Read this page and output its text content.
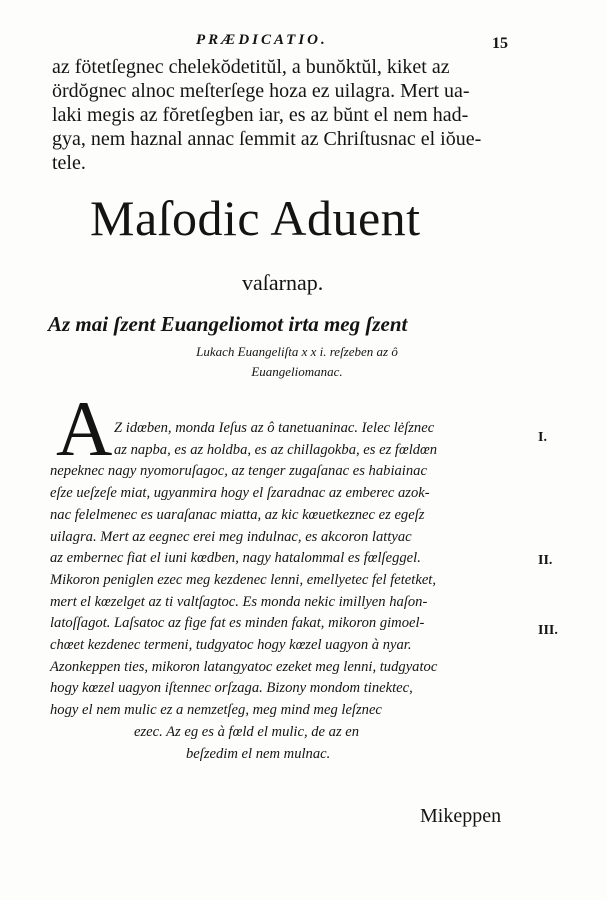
PRÆDICATIO.	15

az fötetſegnec chelekŏdetitŭl, a bunŏktŭl, kiket az

ördŏgnec alnoc meſterſege hoza ez uilagra. Mert ua-

laki megis az fŏretſegben iar, es az bŭnt el nem had-

gya, nem haznal annac ſemmit az Chriſtusnac el iŏue-

tele.

Maſodic Aduent
vaſarnap.
Az mai ſzent Euangeliomot irta meg ſzent
Lukach Euangeliſta x x i. reſzeben az ô
Euangeliomanac.
A Z idœben, monda Ieſus az ô tanetuaninac. Ielec lėſznec
az napba, es az holdba, es az chillagokba, es ez fœldœn
nepeknec nagy nyomoruſagoc, az tenger zugaſanac es habiainac
eſze ueſzeſe miat, ugyanmira hogy el ſzaradnac az emberec azok-
nac felelmenec es uaraſanac miatta, az kic kœuetkeznec ez egeſz
uilagra. Mert az eegnec erei meg indulnac, es akcoron lattyac
az embernec fiat el iuni kœdben, nagy hatalommal es fœlſeggel.
Mikoron peniglen ezec meg kezdenec lenni, emellyetec fel fetetket,
mert el kœzelget az ti valtſagtoc. Es monda nekic imillyen haſon-
latoſſagot. Laſsatoc az fige fat es minden fakat, mikoron gimoel-
chœet kezdenec termeni, tudgyatoc hogy kœzel uagyon à nyar.
Azonkeppen ties, mikoron latangyatoc ezeket meg lenni, tudgyatoc
hogy kœzel uagyon iſtennec orſzaga. Bizony mondom tinektec,
hogy el nem mulic ez a nemzetſeg, meg mind meg leſznec
ezec. Az eg es à fœld el mulic, de az en
beſzedim el nem mulnac.
I.
II.
III.
Mikeppen
